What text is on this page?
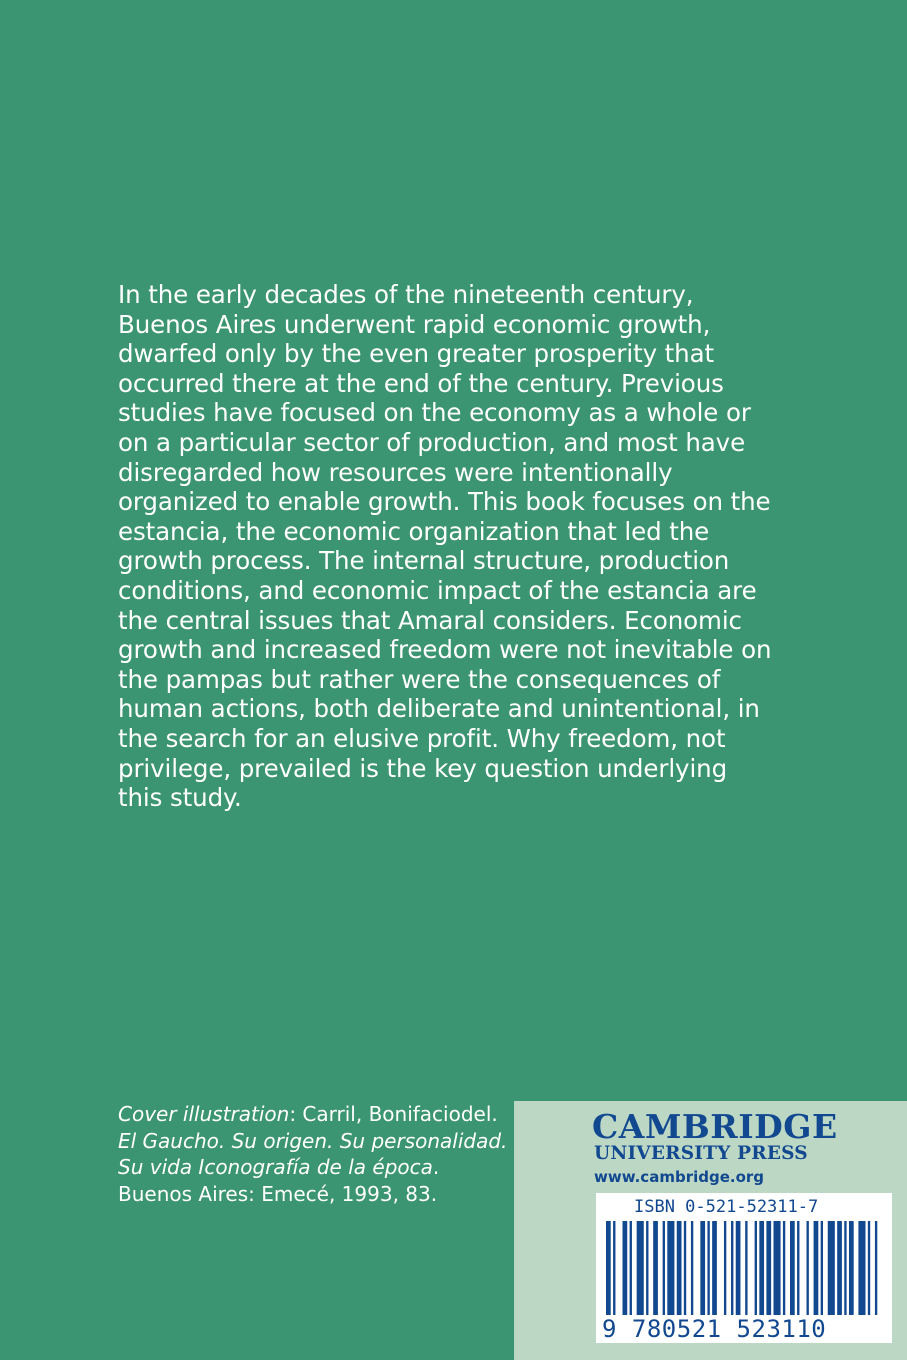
In the early decades of the nineteenth century, Buenos Aires underwent rapid economic growth, dwarfed only by the even greater prosperity that occurred there at the end of the century. Previous studies have focused on the economy as a whole or on a particular sector of production, and most have disregarded how resources were intentionally organized to enable growth. This book focuses on the estancia, the economic organization that led the growth process. The internal structure, production conditions, and economic impact of the estancia are the central issues that Amaral considers. Economic growth and increased freedom were not inevitable on the pampas but rather were the consequences of human actions, both deliberate and unintentional, in the search for an elusive profit. Why freedom, not privilege, prevailed is the key question underlying this study.

Cover illustration: Carril, Bonifaciodel. El Gaucho. Su origen. Su personalidad. Su vida Iconografía de la época.
Buenos Aires: Emecé, 1993, 83.

CAMBRIDGE

UNIVERSITY PRESS

www.cambridge.org

ISBN 0-521-52311-7

9 780521 523110
